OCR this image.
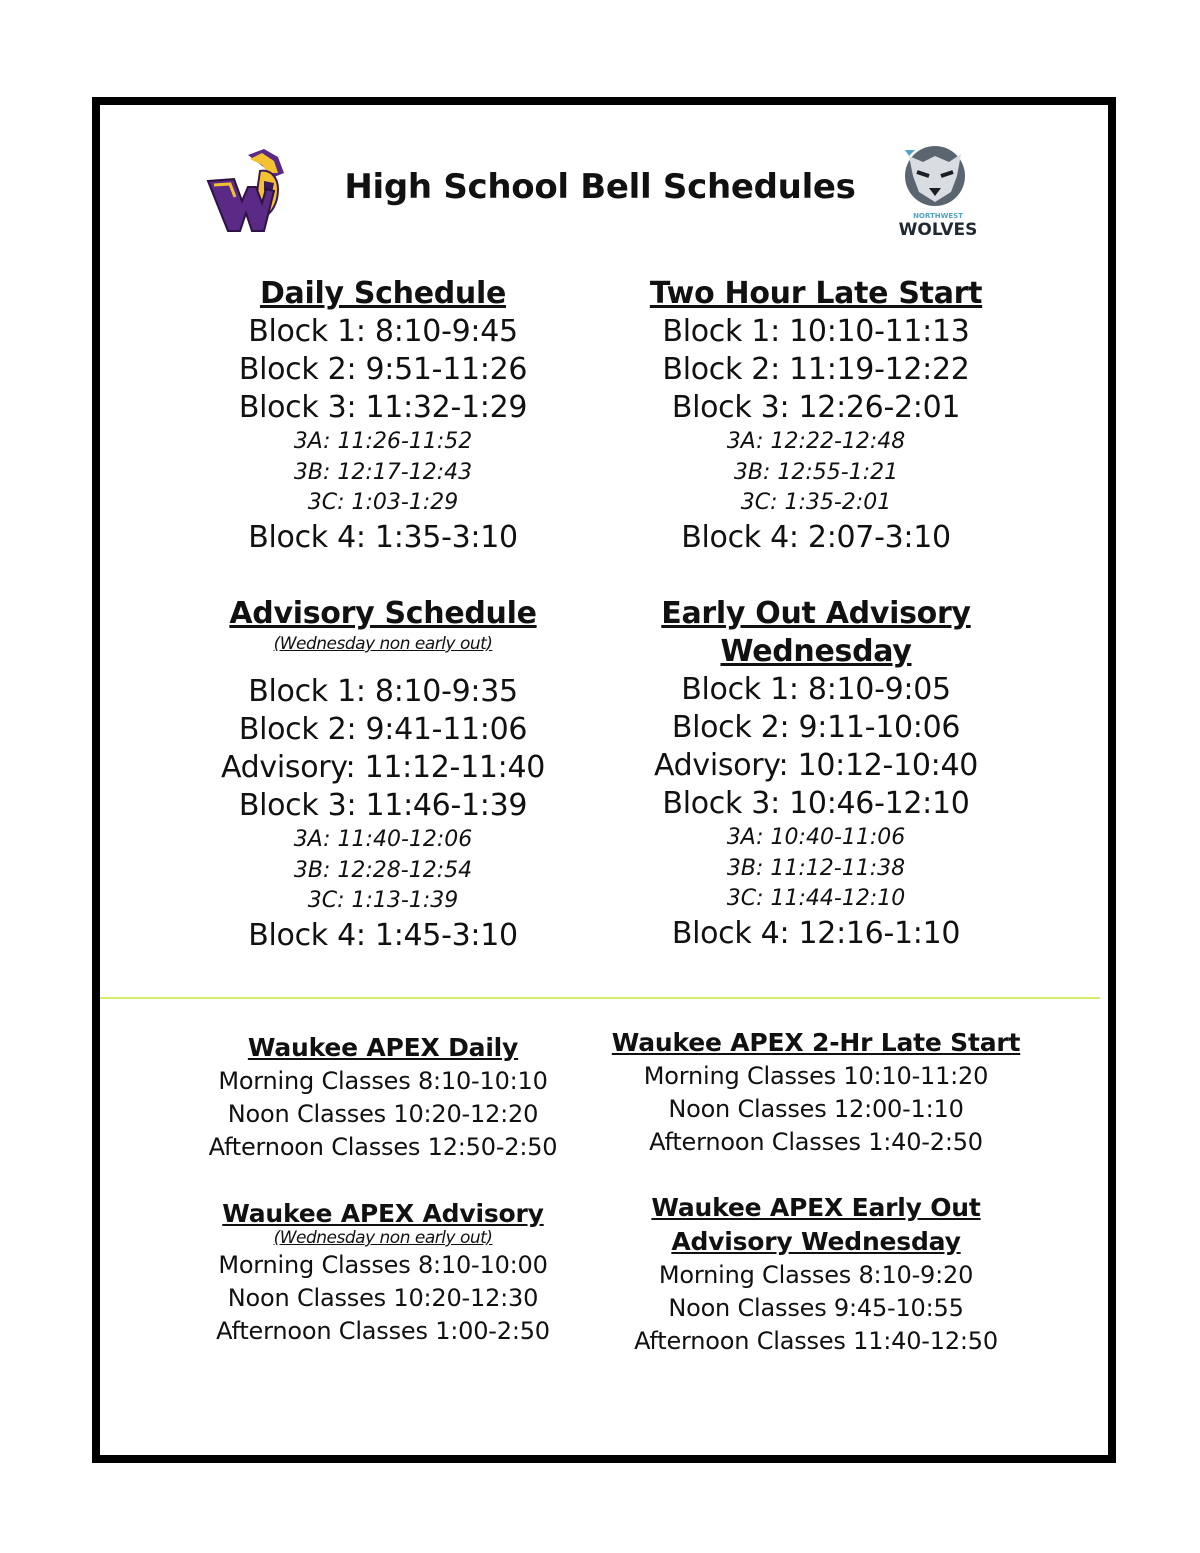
High School Bell Schedules
NORTHWEST
WOLVES
Daily Schedule
Block 1: 8:10-9:45
Block 2: 9:51-11:26
Block 3: 11:32-1:29
3A: 11:26-11:52
3B: 12:17-12:43
3C: 1:03-1:29
Block 4: 1:35-3:10
Two Hour Late Start
Block 1: 10:10-11:13
Block 2: 11:19-12:22
Block 3: 12:26-2:01
3A: 12:22-12:48
3B: 12:55-1:21
3C: 1:35-2:01
Block 4: 2:07-3:10
Advisory Schedule
(Wednesday non early out)
Block 1: 8:10-9:35
Block 2: 9:41-11:06
Advisory: 11:12-11:40
Block 3: 11:46-1:39
3A: 11:40-12:06
3B: 12:28-12:54
3C: 1:13-1:39
Block 4: 1:45-3:10
Early Out Advisory
Wednesday
Block 1: 8:10-9:05
Block 2: 9:11-10:06
Advisory: 10:12-10:40
Block 3: 10:46-12:10
3A: 10:40-11:06
3B: 11:12-11:38
3C: 11:44-12:10
Block 4: 12:16-1:10
Waukee APEX Daily
Morning Classes 8:10-10:10
Noon Classes 10:20-12:20
Afternoon Classes 12:50-2:50
Waukee APEX 2-Hr Late Start
Morning Classes 10:10-11:20
Noon Classes 12:00-1:10
Afternoon Classes 1:40-2:50
Waukee APEX Advisory
(Wednesday non early out)
Morning Classes 8:10-10:00
Noon Classes 10:20-12:30
Afternoon Classes 1:00-2:50
Waukee APEX Early Out
Advisory Wednesday
Morning Classes 8:10-9:20
Noon Classes 9:45-10:55
Afternoon Classes 11:40-12:50
